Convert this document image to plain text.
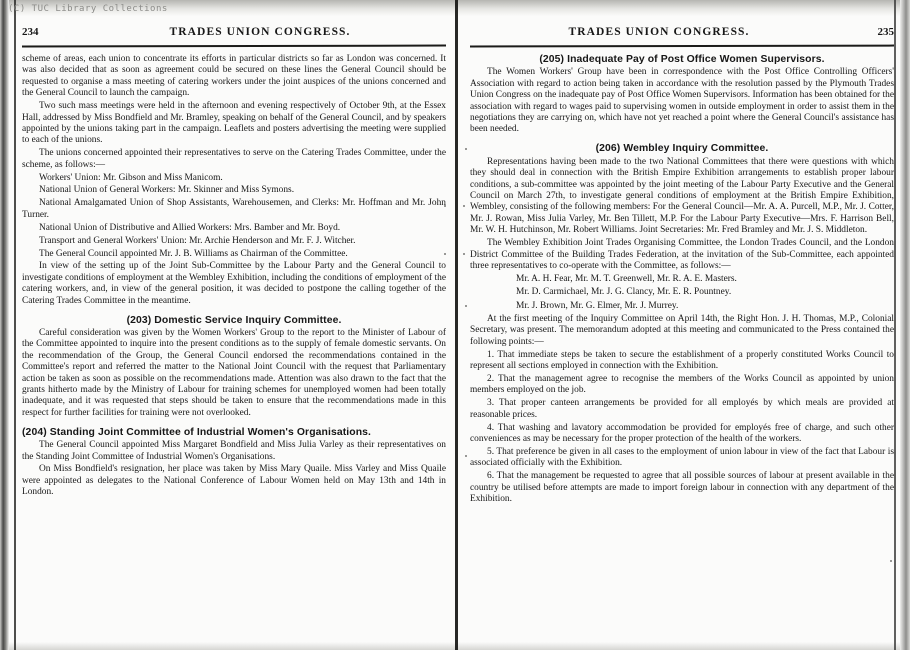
(C) TUC Library Collections
234	TRADES UNION CONGRESS.

scheme of areas, each union to concentrate its efforts in particular districts so far as London was concerned. It was also decided that as soon as agreement could be secured on these lines the General Council should be requested to organise a mass meeting of catering workers under the joint auspices of the unions concerned and the General Council to launch the campaign.

Two such mass meetings were held in the afternoon and evening respectively of October 9th, at the Essex Hall, addressed by Miss Bondfield and Mr. Bramley, speaking on behalf of the General Council, and by speakers appointed by the unions taking part in the campaign. Leaflets and posters advertising the meeting were supplied to each of the unions.

The unions concerned appointed their representatives to serve on the Catering Trades Committee, under the scheme, as follows:—

Workers' Union: Mr. Gibson and Miss Manicom.

National Union of General Workers: Mr. Skinner and Miss Symons.

National Amalgamated Union of Shop Assistants, Warehousemen, and Clerks: Mr. Hoffman and Mr. John Turner.

National Union of Distributive and Allied Workers: Mrs. Bamber and Mr. Boyd.

Transport and General Workers' Union: Mr. Archie Henderson and Mr. F. J. Witcher.

The General Council appointed Mr. J. B. Williams as Chairman of the Committee.

In view of the setting up of the Joint Sub-Committee by the Labour Party and the General Council to investigate conditions of employment at the Wembley Exhibition, including the conditions of employment of the catering workers, and, in view of the general position, it was decided to postpone the calling together of the Catering Trades Committee in the meantime.

(203) Domestic Service Inquiry Committee.

Careful consideration was given by the Women Workers' Group to the report to the Minister of Labour of the Committee appointed to inquire into the present conditions as to the supply of female domestic servants. On the recommendation of the Group, the General Council endorsed the recommendations contained in the Committee's report and referred the matter to the National Joint Council with the request that Parliamentary action be taken as soon as possible on the recommendations made. Attention was also drawn to the fact that the grants hitherto made by the Ministry of Labour for training schemes for unemployed women had been totally inadequate, and it was requested that steps should be taken to ensure that the recommendations made in this respect for further facilities for training were not overlooked.

(204) Standing Joint Committee of Industrial Women's Organisations.

The General Council appointed Miss Margaret Bondfield and Miss Julia Varley as their representatives on the Standing Joint Committee of Industrial Women's Organisations.

On Miss Bondfield's resignation, her place was taken by Miss Mary Quaile. Miss Varley and Miss Quaile were appointed as delegates to the National Conference of Labour Women held on May 13th and 14th in London.

235
TRADES UNION CONGRESS.
(205) Inadequate Pay of Post Office Women Supervisors.

The Women Workers' Group have been in correspondence with the Post Office Controlling Officers' Association with regard to action being taken in accordance with the resolution passed by the Plymouth Trades Union Congress on the inadequate pay of Post Office Women Supervisors. Information has been obtained for the association with regard to wages paid to supervising women in outside employment in order to assist them in the negotiations they are carrying on, which have not yet reached a point where the General Council's assistance has been needed.

(206) Wembley Inquiry Committee.

Representations having been made to the two National Committees that there were questions with which they should deal in connection with the British Empire Exhibition arrangements to establish proper labour conditions, a sub-committee was appointed by the joint meeting of the Labour Party Executive and the General Council on March 27th, to investigate general conditions of employment at the British Empire Exhibition, Wembley, consisting of the following members: For the General Council—Mr. A. A. Purcell, M.P., Mr. J. Cotter, Mr. J. Rowan, Miss Julia Varley, Mr. Ben Tillett, M.P. For the Labour Party Executive—Mrs. F. Harrison Bell, Mr. W. H. Hutchinson, Mr. Robert Williams. Joint Secretaries: Mr. Fred Bramley and Mr. J. S. Middleton.

The Wembley Exhibition Joint Trades Organising Committee, the London Trades Council, and the London District Committee of the Building Trades Federation, at the invitation of the Sub-Committee, each appointed three representatives to co-operate with the Committee, as follows:—

Mr. A. H. Fear, Mr. M. T. Greenwell, Mr. R. A. E. Masters.

Mr. D. Carmichael, Mr. J. G. Clancy, Mr. E. R. Pountney.

Mr. J. Brown, Mr. G. Elmer, Mr. J. Murrey.

At the first meeting of the Inquiry Committee on April 14th, the Right Hon. J. H. Thomas, M.P., Colonial Secretary, was present. The memorandum adopted at this meeting and communicated to the Press contained the following points:—

1. That immediate steps be taken to secure the establishment of a properly constituted Works Council to represent all sections employed in connection with the Exhibition.

2. That the management agree to recognise the members of the Works Council as appointed by union members employed on the job.

3. That proper canteen arrangements be provided for all employés by which meals are provided at reasonable prices.

4. That washing and lavatory accommodation be provided for employés free of charge, and such other conveniences as may be necessary for the proper protection of the health of the workers.

5. That preference be given in all cases to the employment of union labour in view of the fact that Labour is associated officially with the Exhibition.

6. That the management be requested to agree that all possible sources of labour at present available in the country be utilised before attempts are made to import foreign labour in connection with any department of the Exhibition.
